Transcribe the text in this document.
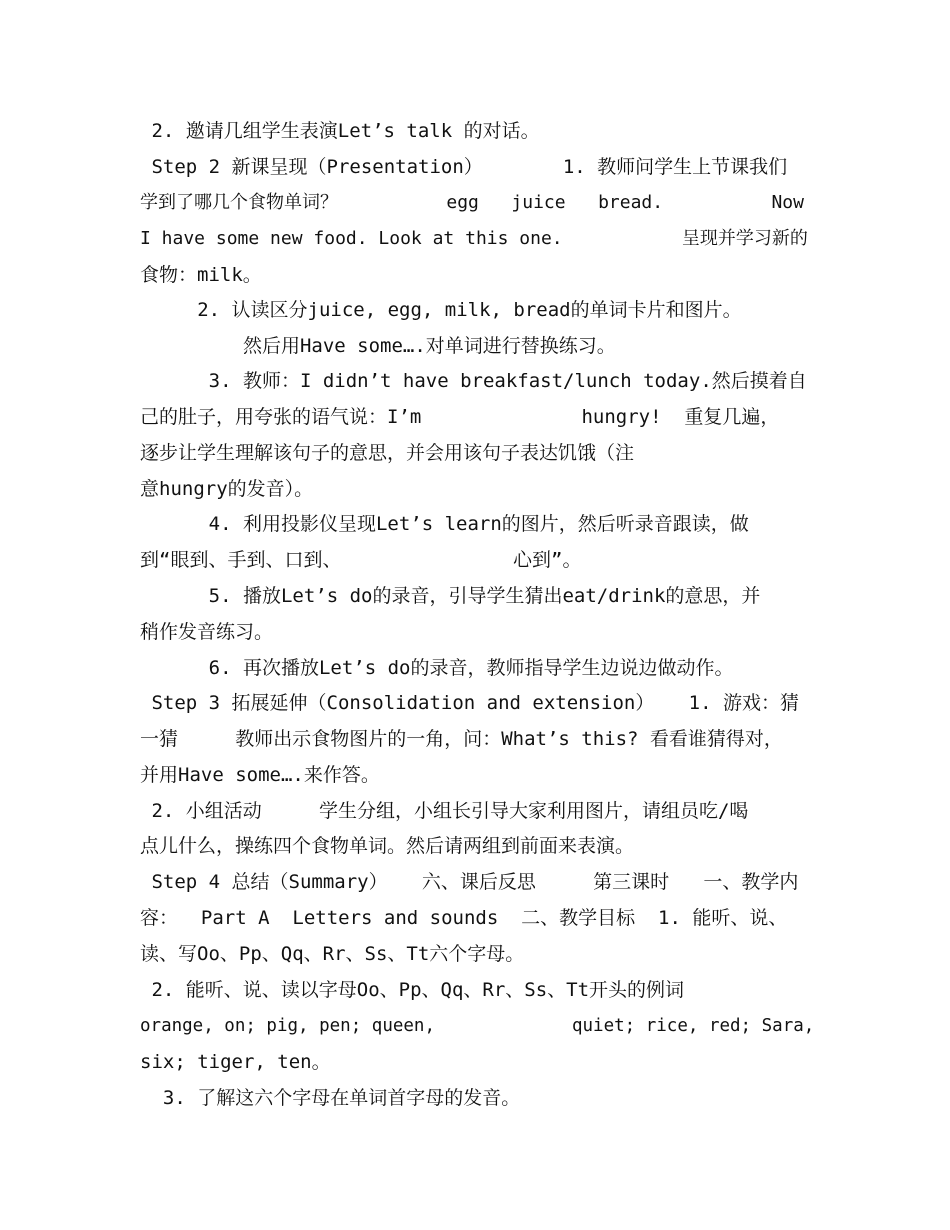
2. 邀请几组学生表演Let’s talk 的对话。
Step 2 新课呈现（Presentation）       1. 教师问学生上节课我们
学到了哪几个食物单词？          egg   juice   bread.          Now
I have some new food. Look at this one.           呈现并学习新的
食物：milk。
2. 认读区分juice, egg, milk, bread的单词卡片和图片。
然后用Have some….对单词进行替换练习。
3. 教师：I didn’t have breakfast/lunch today.然后摸着自
己的肚子，用夸张的语气说：I’m              hungry!  重复几遍，
逐步让学生理解该句子的意思，并会用该句子表达饥饿（注
意hungry的发音）。
4. 利用投影仪呈现Let’s learn的图片，然后听录音跟读，做
到“眼到、手到、口到、               心到”。
5. 播放Let’s do的录音，引导学生猜出eat/drink的意思，并
稍作发音练习。
6. 再次播放Let’s do的录音，教师指导学生边说边做动作。
Step 3 拓展延伸（Consolidation and extension）   1. 游戏：猜
一猜     教师出示食物图片的一角，问：What’s this? 看看谁猜得对，
并用Have some….来作答。
2. 小组活动     学生分组，小组长引导大家利用图片，请组员吃/喝
点儿什么，操练四个食物单词。然后请两组到前面来表演。
Step 4 总结（Summary）   六、课后反思     第三课时   一、教学内
容：  Part A  Letters and sounds  二、教学目标  1. 能听、说、
读、写Oo、Pp、Qq、Rr、Ss、Tt六个字母。
2. 能听、说、读以字母Oo、Pp、Qq、Rr、Ss、Tt开头的例词
orange, on; pig, pen; queen,             quiet; rice, red; Sara,
six; tiger, ten。
3. 了解这六个字母在单词首字母的发音。
